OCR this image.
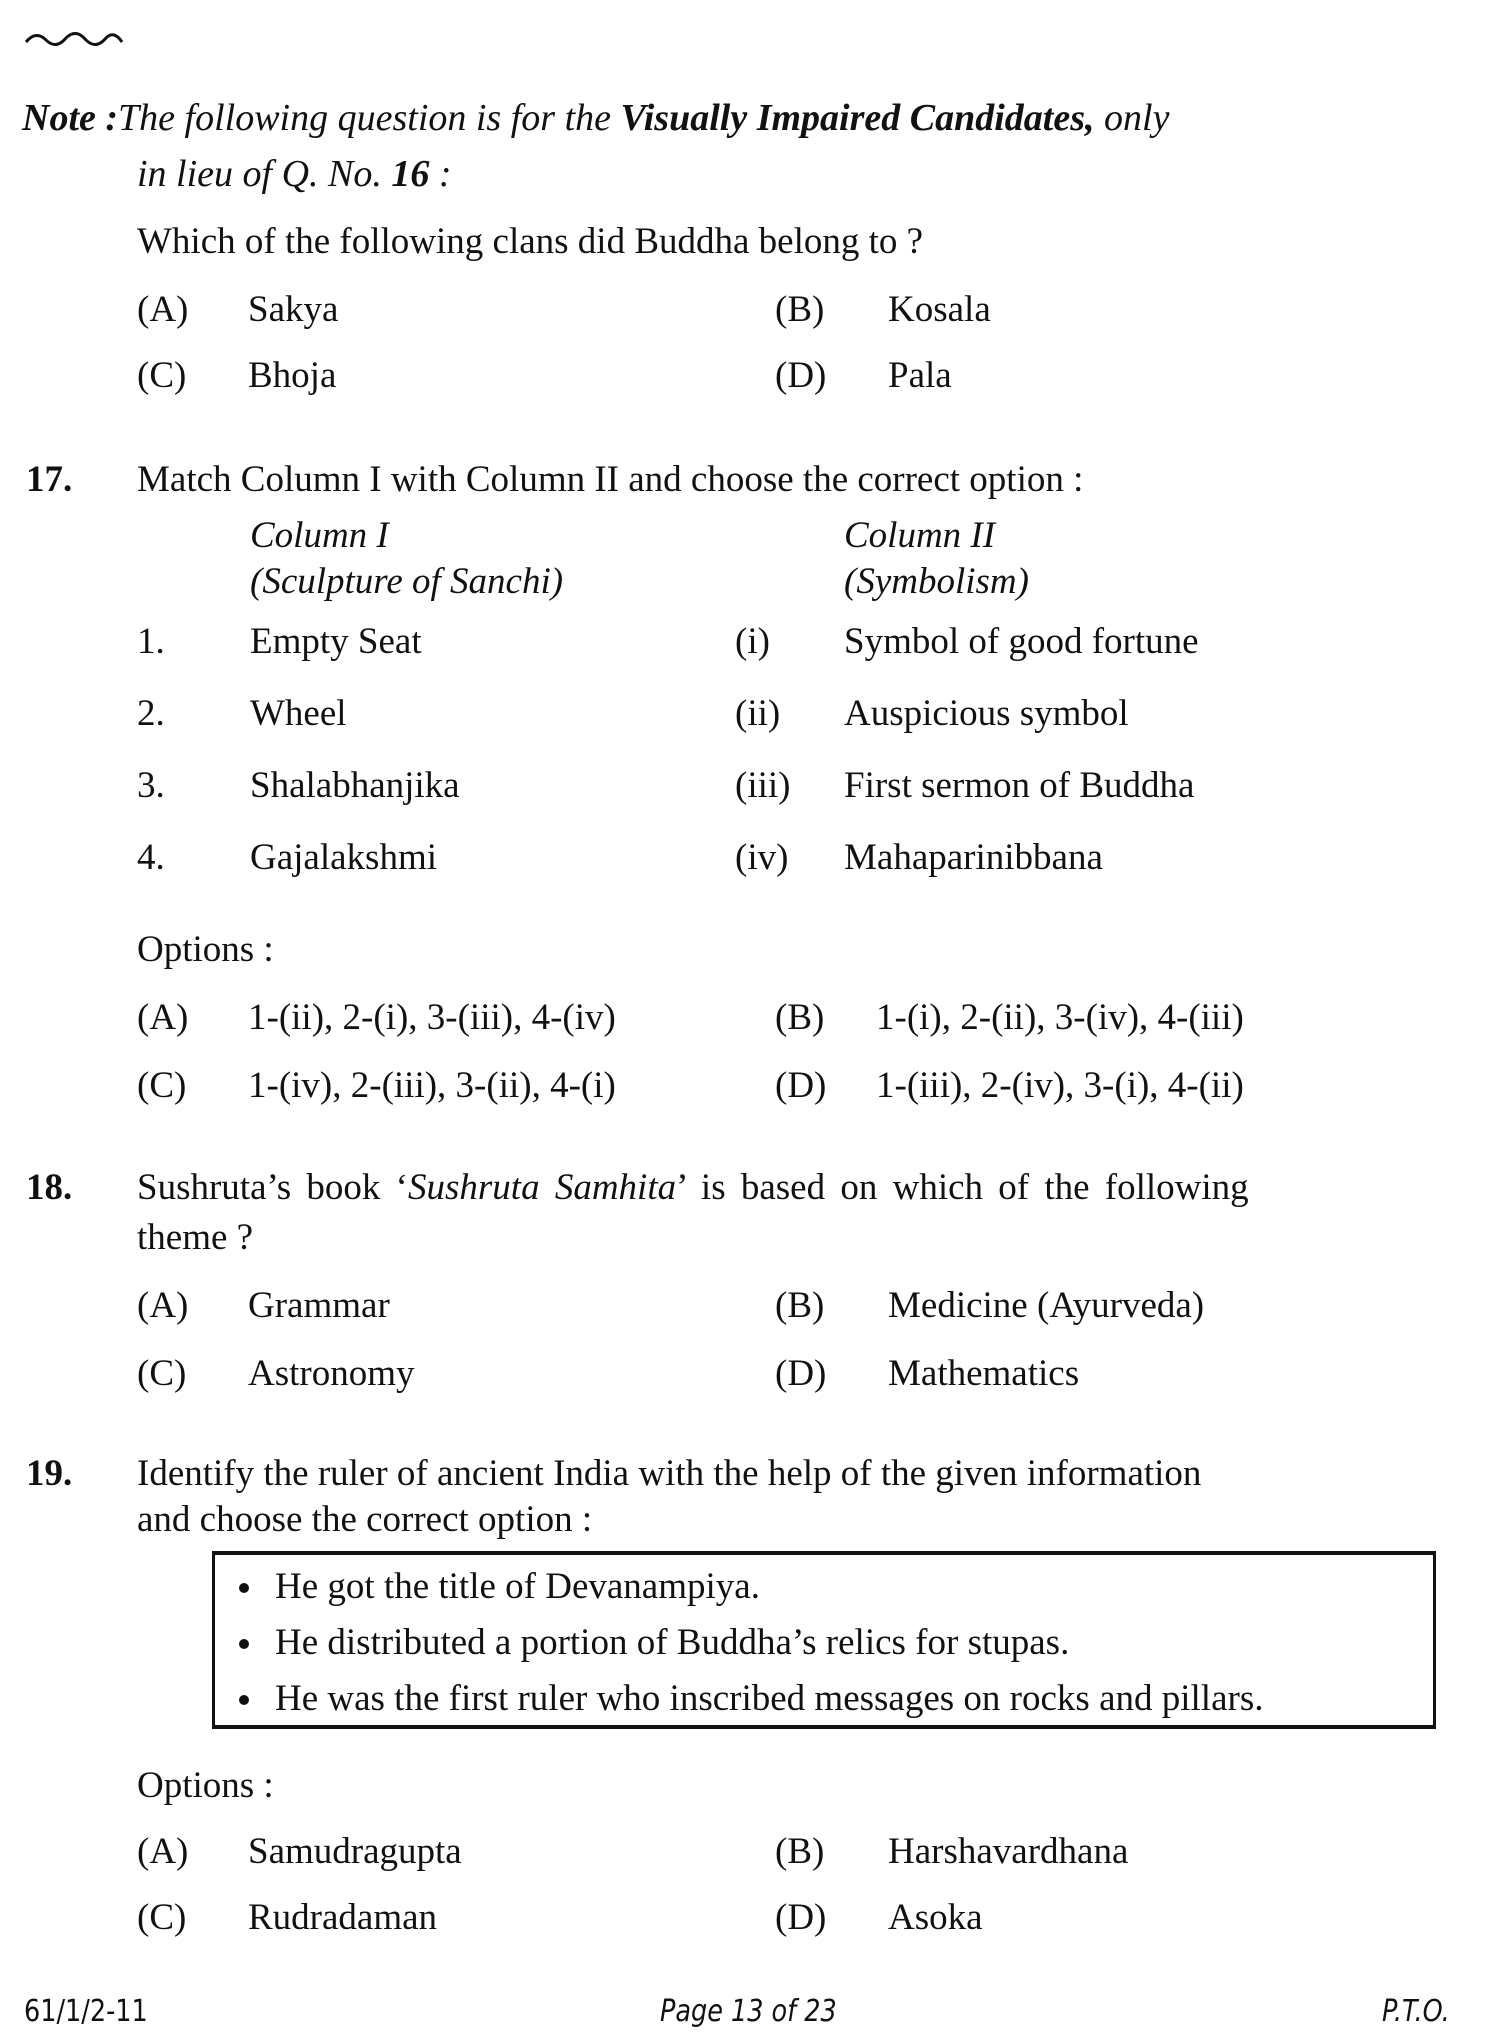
Note :The following question is for the Visually Impaired Candidates, only
in lieu of Q. No. 16 :
Which of the following clans did Buddha belong to ?
(A) Sakya	(B) Kosala
(C) Bhoja	(D) Pala
17. Match Column I with Column II and choose the correct option :
Column I
(Sculpture of Sanchi)
Column II
(Symbolism)
1. Empty Seat	(i) Symbol of good fortune
2. Wheel	(ii) Auspicious symbol
3. Shalabhanjika	(iii) First sermon of Buddha
4. Gajalakshmi	(iv) Mahaparinibbana
Options :
(A) 1-(ii), 2-(i), 3-(iii), 4-(iv)	(B) 1-(i), 2-(ii), 3-(iv), 4-(iii)
(C) 1-(iv), 2-(iii), 3-(ii), 4-(i)	(D) 1-(iii), 2-(iv), 3-(i), 4-(ii)
18. Sushruta’s book ‘Sushruta Samhita’ is based on which of the following
theme ?
(A) Grammar	(B) Medicine (Ayurveda)
(C) Astronomy	(D) Mathematics
19. Identify the ruler of ancient India with the help of the given information
and choose the correct option :
He got the title of Devanampiya.
He distributed a portion of Buddha’s relics for stupas.
He was the first ruler who inscribed messages on rocks and pillars.
Options :
(A) Samudragupta	(B) Harshavardhana
(C) Rudradaman	(D) Asoka
61/1/2-11	Page 13 of 23	P.T.O.
